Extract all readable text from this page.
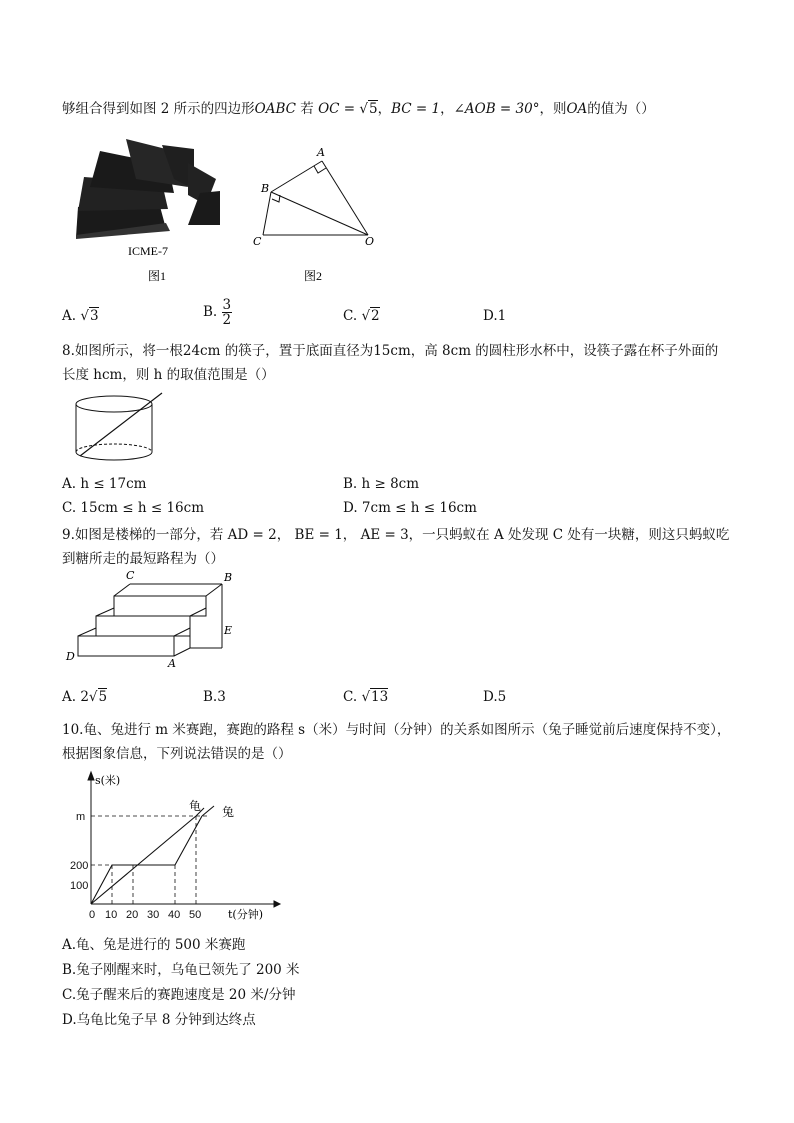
够组合得到如图 2 所示的四边形OABC 若 OC = √5，BC = 1，∠AOB = 30°，则OA的值为（）
ICME-7
图1
A
B
C	O
图2
A. √3	B. $\frac{3}{2}$	C. √2	D.1
8.如图所示，将一根24cm 的筷子，置于底面直径为15cm，高 8cm 的圆柱形水杯中，设筷子露在杯子外面的
长度 hcm，则 h 的取值范围是（）
A. h ≤ 17cm	B. h ≥ 8cm
C. 15cm ≤ h ≤ 16cm	D. 7cm ≤ h ≤ 16cm
9.如图是楼梯的一部分，若 AD = 2， BE = 1， AE = 3，一只蚂蚁在 A 处发现 C 处有一块糖，则这只蚂蚁吃
到糖所走的最短路程为（）
C	B
E
D
A
A. 2√5	B.3	C. √13	D.5
10.龟、兔进行 m 米赛跑，赛跑的路程 s（米）与时间（分钟）的关系如图所示（兔子睡觉前后速度保持不变），
根据图象信息，下列说法错误的是（）
0 10 20 30 40 50
100
200
m
s(米)
t(分钟)
龟 兔
A.龟、兔是进行的 500 米赛跑
B.兔子刚醒来时，乌龟已领先了 200 米
C.兔子醒来后的赛跑速度是 20 米/分钟
D.乌龟比兔子早 8 分钟到达终点
